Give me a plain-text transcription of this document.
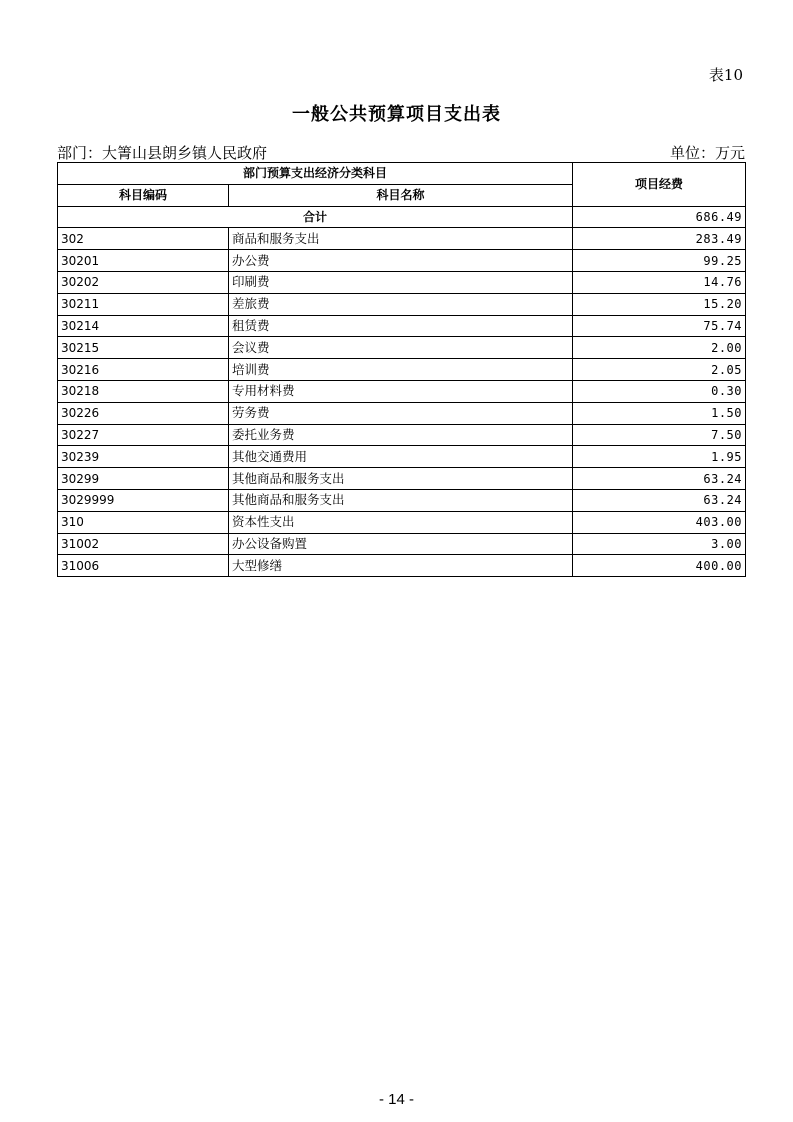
表10
一般公共预算项目支出表
部门：大箐山县朗乡镇人民政府	单位：万元
部门预算支出经济分类科目		项目经费
科目编码	科目名称	
合计		686.49
302	商品和服务支出	283.49
30201	办公费	99.25
30202	印刷费	14.76
30211	差旅费	15.20
30214	租赁费	75.74
30215	会议费	2.00
30216	培训费	2.05
30218	专用材料费	0.30
30226	劳务费	1.50
30227	委托业务费	7.50
30239	其他交通费用	1.95
30299	其他商品和服务支出	63.24
3029999	其他商品和服务支出	63.24
310	资本性支出	403.00
31002	办公设备购置	3.00
31006	大型修缮	400.00
- 14 -
